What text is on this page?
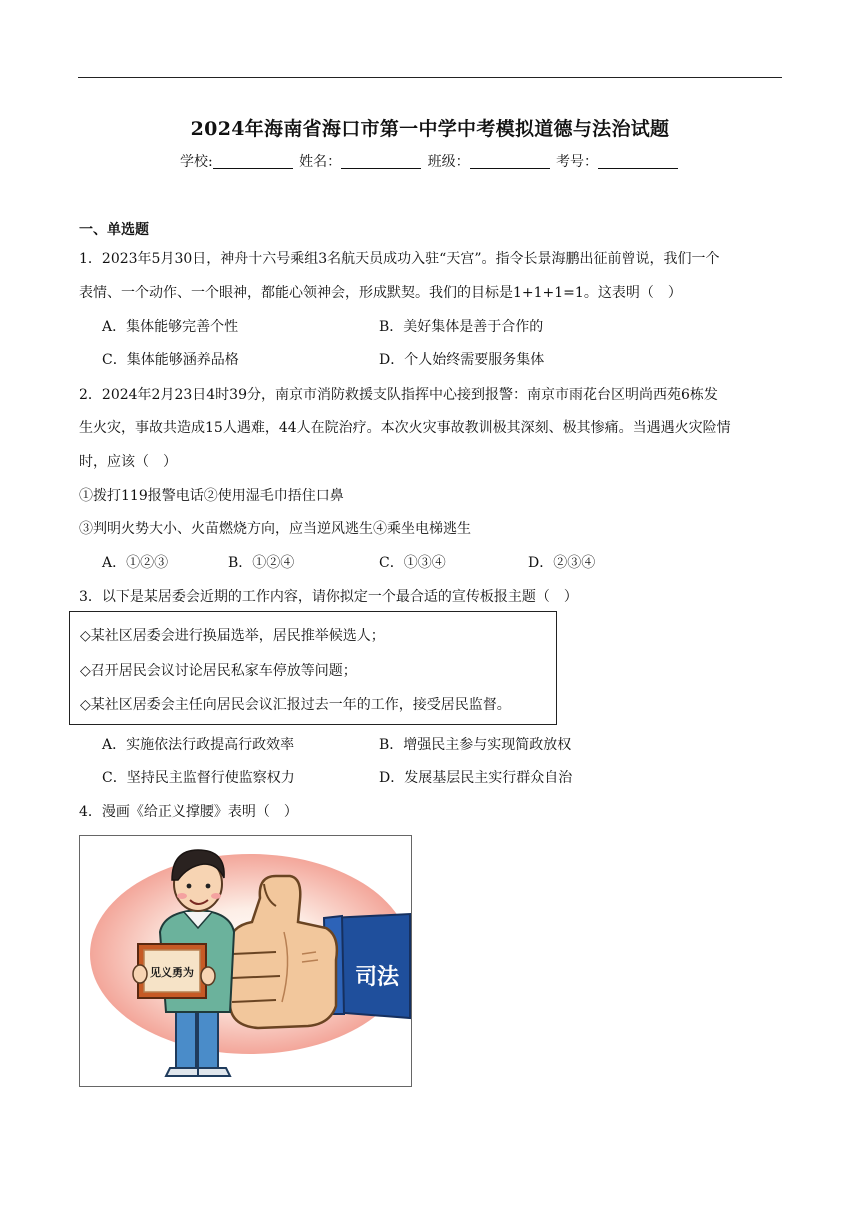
2024年海南省海口市第一中学中考模拟道德与法治试题
学校:	姓名：	班级：	考号：
一、单选题
1．2023年5月30日，神舟十六号乘组3名航天员成功入驻“天宫”。指令长景海鹏出征前曾说，我们一个
表情、一个动作、一个眼神，都能心领神会，形成默契。我们的目标是1+1+1=1。这表明（　）
A．集体能够完善个性	B．美好集体是善于合作的
C．集体能够涵养品格	D．个人始终需要服务集体
2．2024年2月23日4时39分，南京市消防救援支队指挥中心接到报警：南京市雨花台区明尚西苑6栋发
生火灾，事故共造成15人遇难，44人在院治疗。本次火灾事故教训极其深刻、极其惨痛。当遇遇火灾险情
时，应该（　）
①拨打119报警电话②使用湿毛巾捂住口鼻
③判明火势大小、火苗燃烧方向，应当逆风逃生④乘坐电梯逃生
A．①②③	B．①②④	C．①③④	D．②③④
3．以下是某居委会近期的工作内容，请你拟定一个最合适的宣传板报主题（　）
◇某社区居委会进行换届选举，居民推举候选人；
◇召开居民会议讨论居民私家车停放等问题；
◇某社区居委会主任向居民会议汇报过去一年的工作，接受居民监督。
A．实施依法行政提高行政效率	B．增强民主参与实现简政放权
C．坚持民主监督行使监察权力	D．发展基层民主实行群众自治
4．漫画《给正义撑腰》表明（　）
司法
见义勇为
